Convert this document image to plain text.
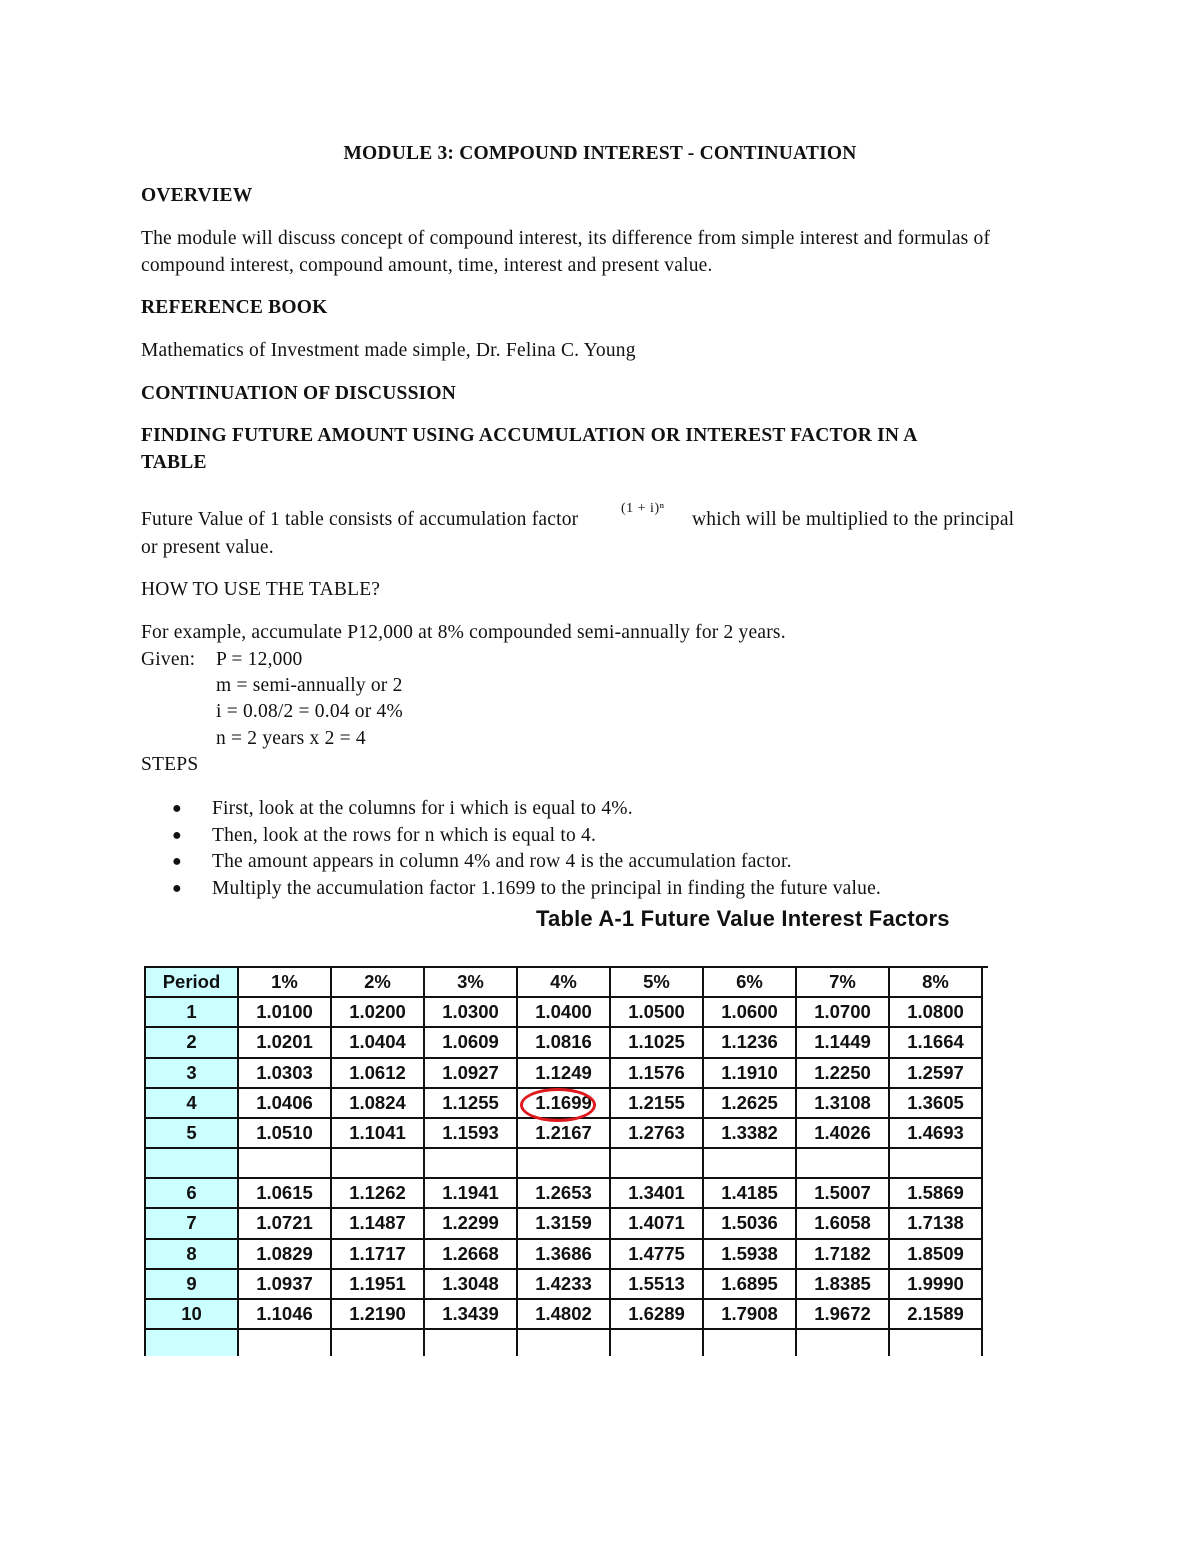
MODULE 3: COMPOUND INTEREST - CONTINUATION
OVERVIEW
The module will discuss concept of compound interest, its difference from simple interest and formulas of
compound interest, compound amount, time, interest and present value.
REFERENCE BOOK
Mathematics of Investment made simple, Dr. Felina C. Young
CONTINUATION OF DISCUSSION
FINDING FUTURE AMOUNT USING ACCUMULATION OR INTEREST FACTOR IN A
TABLE
Future Value of 1 table consists of accumulation factor
(1 + i)ⁿ
which will be multiplied to the principal
or present value.
HOW TO USE THE TABLE?
For example, accumulate P12,000 at 8% compounded semi-annually for 2 years.
Given: P = 12,000
m = semi-annually or 2
i = 0.08/2 = 0.04 or 4%
n = 2 years x 2 = 4
STEPS
● First, look at the columns for i which is equal to 4%.
● Then, look at the rows for n which is equal to 4.
● The amount appears in column 4% and row 4 is the accumulation factor.
● Multiply the accumulation factor 1.1699 to the principal in finding the future value.
Table A-1 Future Value Interest Factors
Period	1%	2%	3%	4%	5%	6%	7%	8%
1	1.0100	1.0200	1.0300	1.0400	1.0500	1.0600	1.0700	1.0800
2	1.0201	1.0404	1.0609	1.0816	1.1025	1.1236	1.1449	1.1664
3	1.0303	1.0612	1.0927	1.1249	1.1576	1.1910	1.2250	1.2597
4	1.0406	1.0824	1.1255	1.1699	1.2155	1.2625	1.3108	1.3605
5	1.0510	1.1041	1.1593	1.2167	1.2763	1.3382	1.4026	1.4693

6	1.0615	1.1262	1.1941	1.2653	1.3401	1.4185	1.5007	1.5869
7	1.0721	1.1487	1.2299	1.3159	1.4071	1.5036	1.6058	1.7138
8	1.0829	1.1717	1.2668	1.3686	1.4775	1.5938	1.7182	1.8509
9	1.0937	1.1951	1.3048	1.4233	1.5513	1.6895	1.8385	1.9990
10	1.1046	1.2190	1.3439	1.4802	1.6289	1.7908	1.9672	2.1589
